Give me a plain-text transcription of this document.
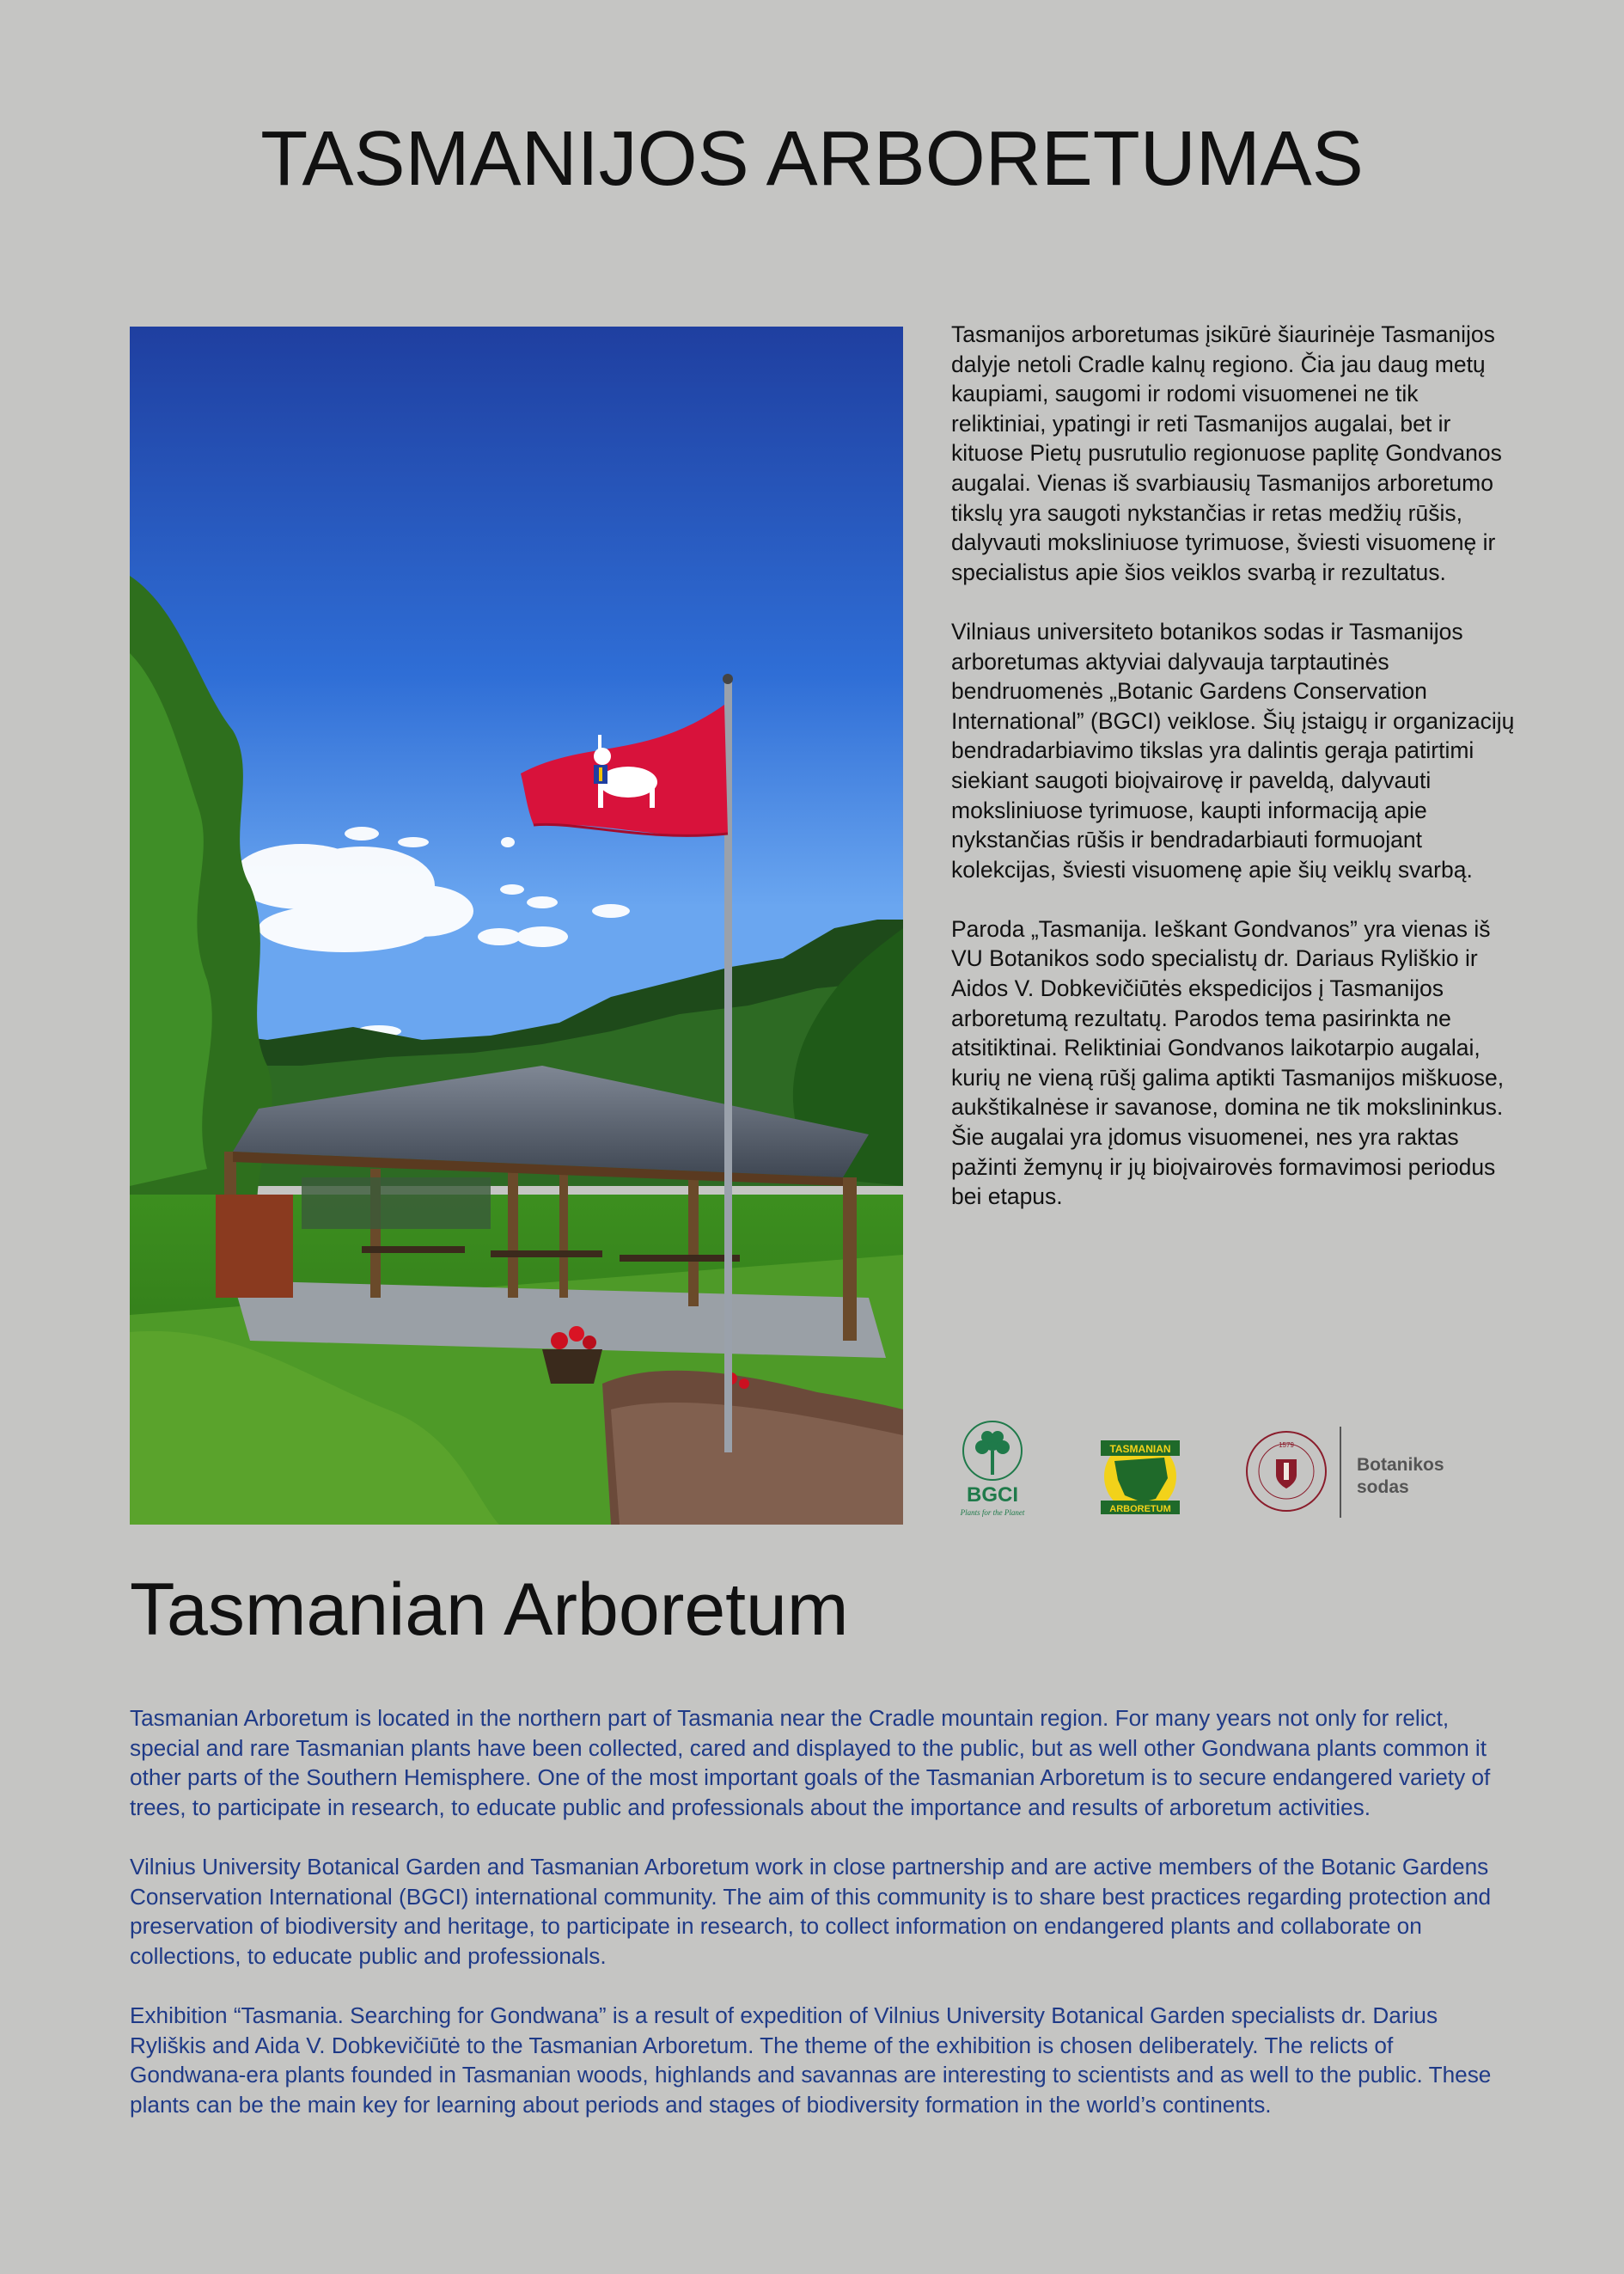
TASMANIJOS ARBORETUMAS

Tasmanijos arboretumas įsikūrė šiaurinėje Tasmanijos dalyje netoli Cradle kalnų regiono. Čia jau daug metų kaupiami, saugomi ir rodomi visuomenei ne tik reliktiniai, ypatingi ir reti Tasmanijos augalai, bet ir kituose Pietų pusrutulio regionuose paplitę Gondvanos augalai. Vienas iš svarbiausių Tasmanijos arboretumo tikslų yra saugoti nykstančias ir retas medžių rūšis, dalyvauti moksliniuose tyrimuose, šviesti visuomenę ir specialistus apie šios veiklos svarbą ir rezultatus.

Vilniaus universiteto botanikos sodas ir Tasmanijos arboretumas aktyviai dalyvauja tarptautinės bendruomenės „Botanic Gardens Conservation International” (BGCI) veiklose. Šių įstaigų ir organizacijų bendradarbiavimo tikslas yra dalintis gerąja patirtimi siekiant saugoti bioįvairovę ir paveldą, dalyvauti moksliniuose tyrimuose, kaupti informaciją apie nykstančias rūšis ir bendradarbiauti formuojant kolekcijas, šviesti visuomenę apie šių veiklų svarbą.

Paroda „Tasmanija. Ieškant Gondvanos” yra vienas iš VU Botanikos sodo specialistų dr. Dariaus Ryliškio ir Aidos V. Dobkevičiūtės ekspedicijos į Tasmanijos arboretumą rezultatų. Parodos tema pasirinkta ne atsitiktinai. Reliktiniai Gondvanos laikotarpio augalai, kurių ne vieną rūšį galima aptikti Tasmanijos miškuose, aukštikalnėse ir savanose, domina ne tik mokslininkus. Šie augalai yra įdomus visuomenei, nes yra raktas pažinti žemynų ir jų bioįvairovės formavimosi periodus bei etapus.

BGCI
Plants for the Planet
TASMANIAN
ARBORETUM
1579
Botanikos
sodas
Tasmanian Arboretum

Tasmanian Arboretum is located in the northern part of Tasmania near the Cradle mountain region. For many years not only for relict, special and rare Tasmanian plants have been collected, cared and displayed to the public, but as well other Gondwana plants common it other parts of the Southern Hemisphere. One of the most important goals of the Tasmanian Arboretum is to secure endangered variety of trees, to participate in research, to educate public and professionals about the importance and results of arboretum activities.

Vilnius University Botanical Garden and Tasmanian Arboretum work in close partnership and are active members of the Botanic Gardens Conservation International (BGCI) international community. The aim of this community is to share best practices regarding protection and preservation of biodiversity and heritage, to participate in research, to collect information on endangered plants and collaborate on collections, to educate public and professionals.

Exhibition “Tasmania. Searching for Gondwana” is a result of expedition of Vilnius University Botanical Garden specialists dr. Darius Ryliškis and Aida V. Dobkevičiūtė to the Tasmanian Arboretum. The theme of the exhibition is chosen deliberately. The relicts of Gondwana-era plants founded in Tasmanian woods, highlands and savannas are interesting to scientists and as well to the public. These plants can be the main key for learning about periods and stages of biodiversity formation in the world’s continents.
